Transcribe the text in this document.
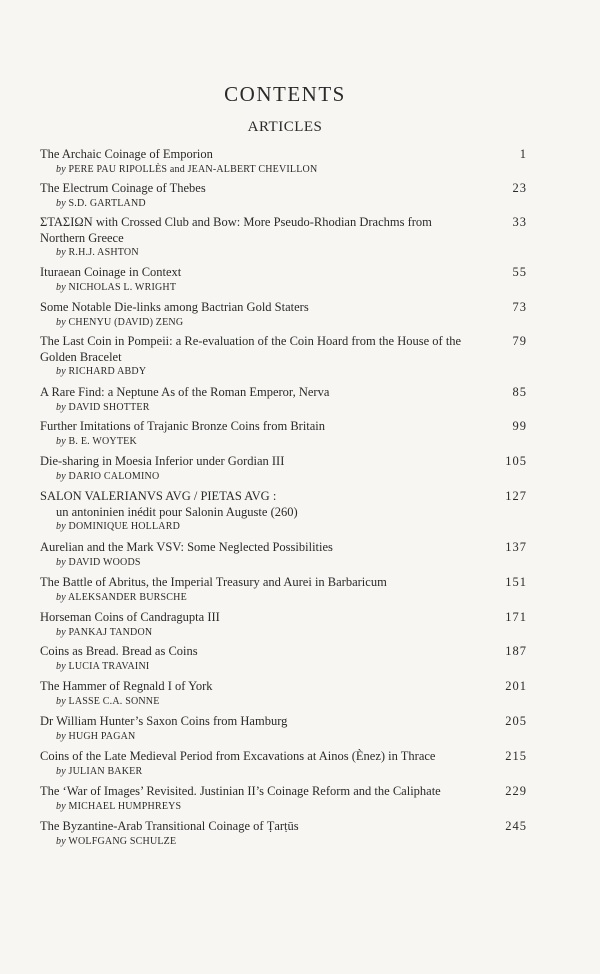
CONTENTS
ARTICLES
The Archaic Coinage of Emporion
by PERE PAU RIPOLLÈS and JEAN-ALBERT CHEVILLON
1
The Electrum Coinage of Thebes
by S.D. GARTLAND
23
ΣΤΑΣΙΩΝ with Crossed Club and Bow: More Pseudo-Rhodian Drachms from
Northern Greece
by R.H.J. ASHTON
33
Ituraean Coinage in Context
by NICHOLAS L. WRIGHT
55
Some Notable Die-links among Bactrian Gold Staters
by CHENYU (DAVID) ZENG
73
The Last Coin in Pompeii: a Re-evaluation of the Coin Hoard from the House of the
Golden Bracelet
by RICHARD ABDY
79
A Rare Find: a Neptune As of the Roman Emperor, Nerva
by DAVID SHOTTER
85
Further Imitations of Trajanic Bronze Coins from Britain
by B. E. WOYTEK
99
Die-sharing in Moesia Inferior under Gordian III
by DARIO CALOMINO
105
SALON VALERIANVS AVG / PIETAS AVG :
un antoninien inédit pour Salonin Auguste (260)
by DOMINIQUE HOLLARD
127
Aurelian and the Mark VSV: Some Neglected Possibilities
by DAVID WOODS
137
The Battle of Abritus, the Imperial Treasury and Aurei in Barbaricum
by ALEKSANDER BURSCHE
151
Horseman Coins of Candragupta III
by PANKAJ TANDON
171
Coins as Bread. Bread as Coins
by LUCIA TRAVAINI
187
The Hammer of Regnald I of York
by LASSE C.A. SONNE
201
Dr William Hunter’s Saxon Coins from Hamburg
by HUGH PAGAN
205
Coins of the Late Medieval Period from Excavations at Ainos (Ènez) in Thrace
by JULIAN BAKER
215
The ‘War of Images’ Revisited. Justinian II’s Coinage Reform and the Caliphate
by MICHAEL HUMPHREYS
229
The Byzantine-Arab Transitional Coinage of Ṭarṭūs
by WOLFGANG SCHULZE
245
